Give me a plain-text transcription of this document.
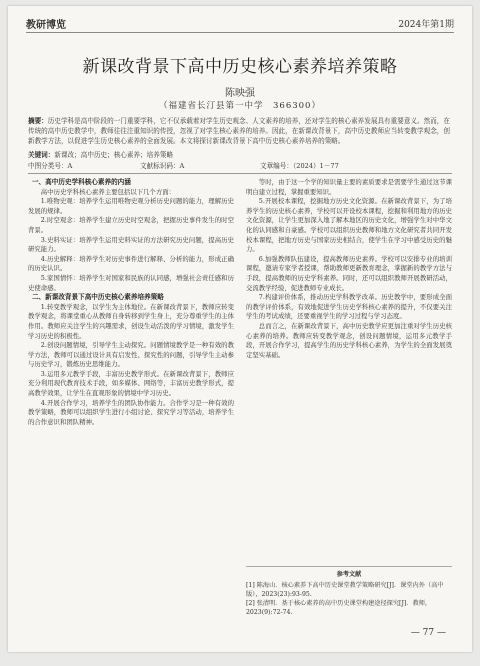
教研博览	2024年第1期
新课改背景下高中历史核心素养培养策略
陈映强
（福建省长汀县第一中学　366300）
摘要：历史学科是高中阶段的一门重要学科，它不仅承载着对学生历史观念、人文素养的培养，还对学生的核心素养发展具有重要意义。然而，在传统的高中历史教学中，教师往往注重知识的传授，忽视了对学生核心素养的培养。因此，在新课改背景下，高中历史教师应当转变教学观念，创新教学方法，以促进学生历史核心素养的全面发展。本文将探讨新课改背景下高中历史核心素养培养的策略。
关键词：新课改；高中历史；核心素养；培养策略
中图分类号：A	文献标识码：A	文章编号：（2024）1－77
一、高中历史学科核心素养的内涵

高中历史学科核心素养主要包括以下几个方面：

1.唯物史观：培养学生运用唯物史观分析历史问题的能力，理解历史发展的规律。

2.时空观念：培养学生建立历史时空观念，把握历史事件发生的时空背景。

3.史料实证：培养学生运用史料实证的方法研究历史问题，提高历史研究能力。

4.历史解释：培养学生对历史事件进行解释、分析的能力，形成正确的历史认识。

5.家国情怀：培养学生对国家和民族的认同感，增强社会责任感和历史使命感。

二、新课改背景下高中历史核心素养培养策略

1.转变教学观念，以学生为主体地位。在新课改背景下，教师应转变教学观念，将课堂重心从教师自身转移到学生身上，充分尊重学生的主体作用。教师应关注学生的兴趣需求，创设生动活泼的学习情境，激发学生学习历史的积极性。

2.创设问题情境，引导学生主动探究。问题情境教学是一种有效的教学方法，教师可以通过设计具有启发性、探究性的问题，引导学生主动参与历史学习，锻炼历史思维能力。

3.运用多元教学手段，丰富历史教学形式。在新课改背景下，教师应充分利用现代教育技术手段，如多媒体、网络等，丰富历史教学形式，提高教学效果，让学生在直观形象的情境中学习历史。

4.开展合作学习，培养学生的团队协作能力。合作学习是一种有效的教学策略，教师可以组织学生进行小组讨论、探究学习等活动，培养学生的合作意识和团队精神。

等时，由于这一个学的知识量主要的素质要求是需要学生通过这节课明白建立过程，掌握重要知识。

5.开展校本课程，挖掘地方历史文化资源。在新课改背景下，为了培养学生的历史核心素养，学校可以开设校本课程，挖掘和利用地方的历史文化资源，让学生更加深入地了解本地区的历史文化，增强学生对中华文化的认同感和自豪感。学校可以组织历史教师和地方文化研究者共同开发校本课程，把地方历史与国家历史相结合，使学生在学习中感受历史的魅力。

6.加强教师队伍建设，提高教师历史素养。学校可以安排专业的培训课程，邀请专家学者授课，帮助教师更新教育理念，掌握新的教学方法与手段，提高教师的历史学科素养。同时，还可以组织教师开展教研活动，交流教学经验，促进教师专业成长。

7.构建评价体系，推动历史学科教学改革。历史教学中，要形成全面的教学评价体系，有效地促进学生历史学科核心素养的提升，不仅要关注学生的考试成绩，还要重视学生的学习过程与学习态度。

总而言之，在新课改背景下，高中历史教学应更加注重对学生历史核心素养的培养。教师应转变教学观念，创设问题情境，运用多元教学手段，开展合作学习，提高学生的历史学科核心素养，为学生的全面发展奠定坚实基础。

参考文献
[1] 陈海山．核心素养下高中历史课堂教学策略研究[J]．课堂内外（高中版），2023(23):93-95.
[2] 张清明．基于核心素养的高中历史课堂构建途径探究[J]．教师，2023(9):72-74.
— 77 —
